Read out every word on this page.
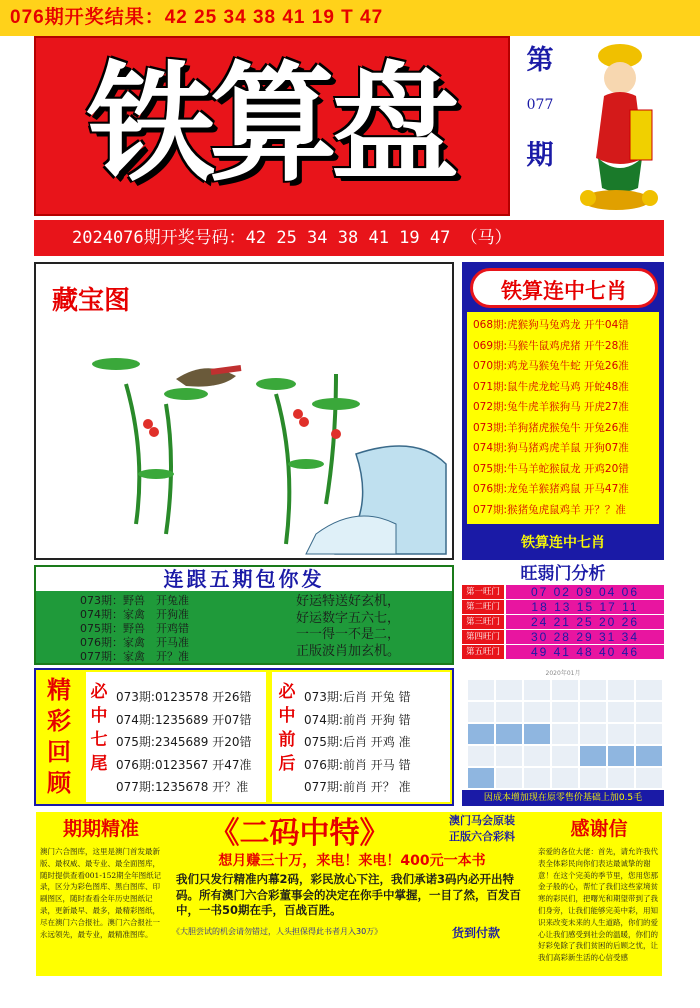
076期开奖结果：42 25 34 38 41 19 T 47
铁算盘	第
077
期
2024076期开奖号码：42 25 34 38 41 19 47 （马）
藏宝图	铁算连中七肖
068期:虎猴狗马兔鸡龙 开牛04错
069期:马猴牛鼠鸡虎猪 开牛28准
070期:鸡龙马猴兔牛蛇 开兔26准
071期:鼠牛虎龙蛇马鸡 开蛇48准
072期:兔牛虎羊猴狗马 开虎27准
073期:羊狗猪虎猴兔牛 开兔26准
074期:狗马猪鸡虎羊鼠 开狗07准
075期:牛马羊蛇猴鼠龙 开鸡20错
076期:龙兔羊猴猪鸡鼠 开马47准
077期:猴猪兔虎鼠鸡羊 开？？准
铁算连中七肖
连跟五期包你发
073期：野兽　开兔准
074期：家禽　开狗准
075期：野兽　开鸡错
076期：家禽　开马准
077期：家禽　开？准
好运特送好玄机，
好运数字五六七，
一一得一不是二，
正版波肖加玄机。
旺弱门分析
第一旺门	07 02 09 04 06
第二旺门	18 13 15 17 11
第三旺门	24 21 25 20 26
第四旺门	30 28 29 31 34
第五旺门	49 41 48 40 46
精
彩
回
顾
必
中
七
尾
073期:0123578 开26错
074期:1235689 开07错
075期:2345689 开20错
076期:0123567 开47准
077期:1235678 开？准
必
中
前
后
073期:后肖 开兔 错
074期:前肖 开狗 错
075期:后肖 开鸡 准
076期:前肖 开马 错
077期:前肖 开？ 准
2020年01月
因成本增加现在原零售价基础上加0.5毛
期期精准
澳门六合图库，这里是澳门首发最新版、最权威、最专业、最全面图库，随时提供查看001-152期全年图纸记录，区分为彩色图库、黑白图库、印刷图区，随时查看全年历史图纸记录，更新最早、最多，最精彩图纸，尽在澳门六合报社。澳门六合报社一永远领先，最专业，最精准图库。
《二码中特》	澳门马会原装
正版六合彩料
想月赚三十万，来电！来电！400元一本书
我们只发行精准内幕2码，彩民放心下注，我们承诺3码内必开出特码。所有澳门六合彩董事会的决定在你手中掌握，一目了然，百发百中，一书50期在手，百战百胜。
《大胆尝试的机会请勿错过，人头担保得此书者月入30万》	货到付款
感谢信
亲爱的各位大佬：首先，请允许我代表全体彩民向你们表达最诚挚的谢意！在这个完美的季节里，您用您那金子般的心，帮忙了我们这些家境贫寒的彩民们，把曙光和期望带到了我们身旁，让我们能够完美中彩，用知识来改变未来的人生道路，你们的爱心让我们感受到社会的温暖，你们的好彩免除了我们贫困的后顾之忧，让我们高彩新生活的心信受感
